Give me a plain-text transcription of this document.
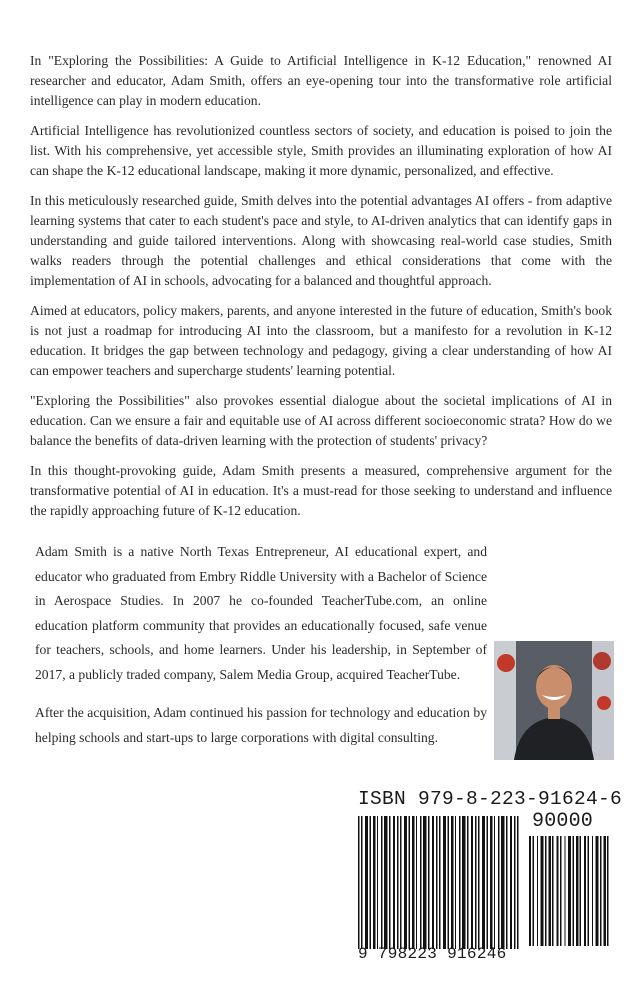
In "Exploring the Possibilities: A Guide to Artificial Intelligence in K-12 Education," renowned AI researcher and educator, Adam Smith, offers an eye-opening tour into the transformative role artificial intelligence can play in modern education.

Artificial Intelligence has revolutionized countless sectors of society, and education is poised to join the list. With his comprehensive, yet accessible style, Smith provides an illuminating exploration of how AI can shape the K-12 educational landscape, making it more dynamic, personalized, and effective.

In this meticulously researched guide, Smith delves into the potential advantages AI offers - from adaptive learning systems that cater to each student's pace and style, to AI-driven analytics that can identify gaps in understanding and guide tailored interventions. Along with showcasing real-world case studies, Smith walks readers through the potential challenges and ethical considerations that come with the implementation of AI in schools, advocating for a balanced and thoughtful approach.

Aimed at educators, policy makers, parents, and anyone interested in the future of education, Smith's book is not just a roadmap for introducing AI into the classroom, but a manifesto for a revolution in K-12 education. It bridges the gap between technology and pedagogy, giving a clear understanding of how AI can empower teachers and supercharge students' learning potential.

"Exploring the Possibilities" also provokes essential dialogue about the societal implications of AI in education. Can we ensure a fair and equitable use of AI across different socioeconomic strata? How do we balance the benefits of data-driven learning with the protection of students' privacy?

In this thought-provoking guide, Adam Smith presents a measured, comprehensive argument for the transformative potential of AI in education. It's a must-read for those seeking to understand and influence the rapidly approaching future of K-12 education.

Adam Smith is a native North Texas Entrepreneur, AI educational expert, and educator who graduated from Embry Riddle University with a Bachelor of Science in Aerospace Studies. In 2007 he co-founded TeacherTube.com, an online education platform community that provides an educationally focused, safe venue for teachers, schools, and home learners. Under his leadership, in September of 2017, a publicly traded company, Salem Media Group, acquired TeacherTube.

After the acquisition, Adam continued his passion for technology and education by helping schools and start-ups to large corporations with digital consulting.

ISBN 979-8-223-91624-6
90000
9 798223 916246
